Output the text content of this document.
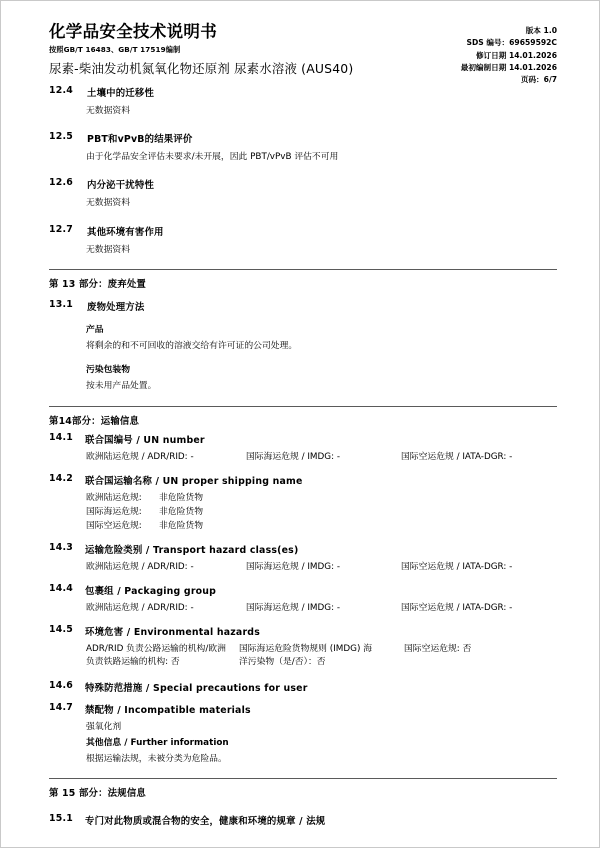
化学品安全技术说明书
按照GB/T 16483、GB/T 17519编制
尿素-柴油发动机氮氧化物还原剂 尿素水溶液 (AUS40)
版本 1.0
SDS 编号：69659592C
修订日期 14.01.2026
最初编制日期 14.01.2026
页码：6/7
12.4	土壤中的迁移性
无数据资料
12.5	PBT和vPvB的结果评价
由于化学品安全评估未要求/未开展，因此 PBT/vPvB 评估不可用
12.6	内分泌干扰特性
无数据资料
12.7	其他环境有害作用
无数据资料
第 13 部分：废弃处置
13.1	废物处理方法
产品
将剩余的和不可回收的溶液交给有许可证的公司处理。
污染包装物
按未用产品处置。
第14部分：运输信息
14.1	联合国编号 / UN number
欧洲陆运危规 / ADR/RID: -	国际海运危规 / IMDG: -	国际空运危规 / IATA-DGR: -
14.2	联合国运输名称 / UN proper shipping name
欧洲陆运危规: 非危险货物
国际海运危规: 非危险货物
国际空运危规: 非危险货物
14.3	运输危险类别 / Transport hazard class(es)
欧洲陆运危规 / ADR/RID: -	国际海运危规 / IMDG: -	国际空运危规 / IATA-DGR: -
14.4	包裹组 / Packaging group
欧洲陆运危规 / ADR/RID: -	国际海运危规 / IMDG: -	国际空运危规 / IATA-DGR: -
14.5	环境危害 / Environmental hazards
ADR/RID 负责公路运输的机构/欧洲
负责铁路运输的机构: 否
国际海运危险货物规则 (IMDG) 海
洋污染物（是/否）：否
国际空运危规: 否
14.6	特殊防范措施 / Special precautions for user
14.7	禁配物 / Incompatible materials
强氧化剂
其他信息 / Further information
根据运输法规，未被分类为危险品。
第 15 部分：法规信息
15.1	专门对此物质或混合物的安全，健康和环境的规章 / 法规
